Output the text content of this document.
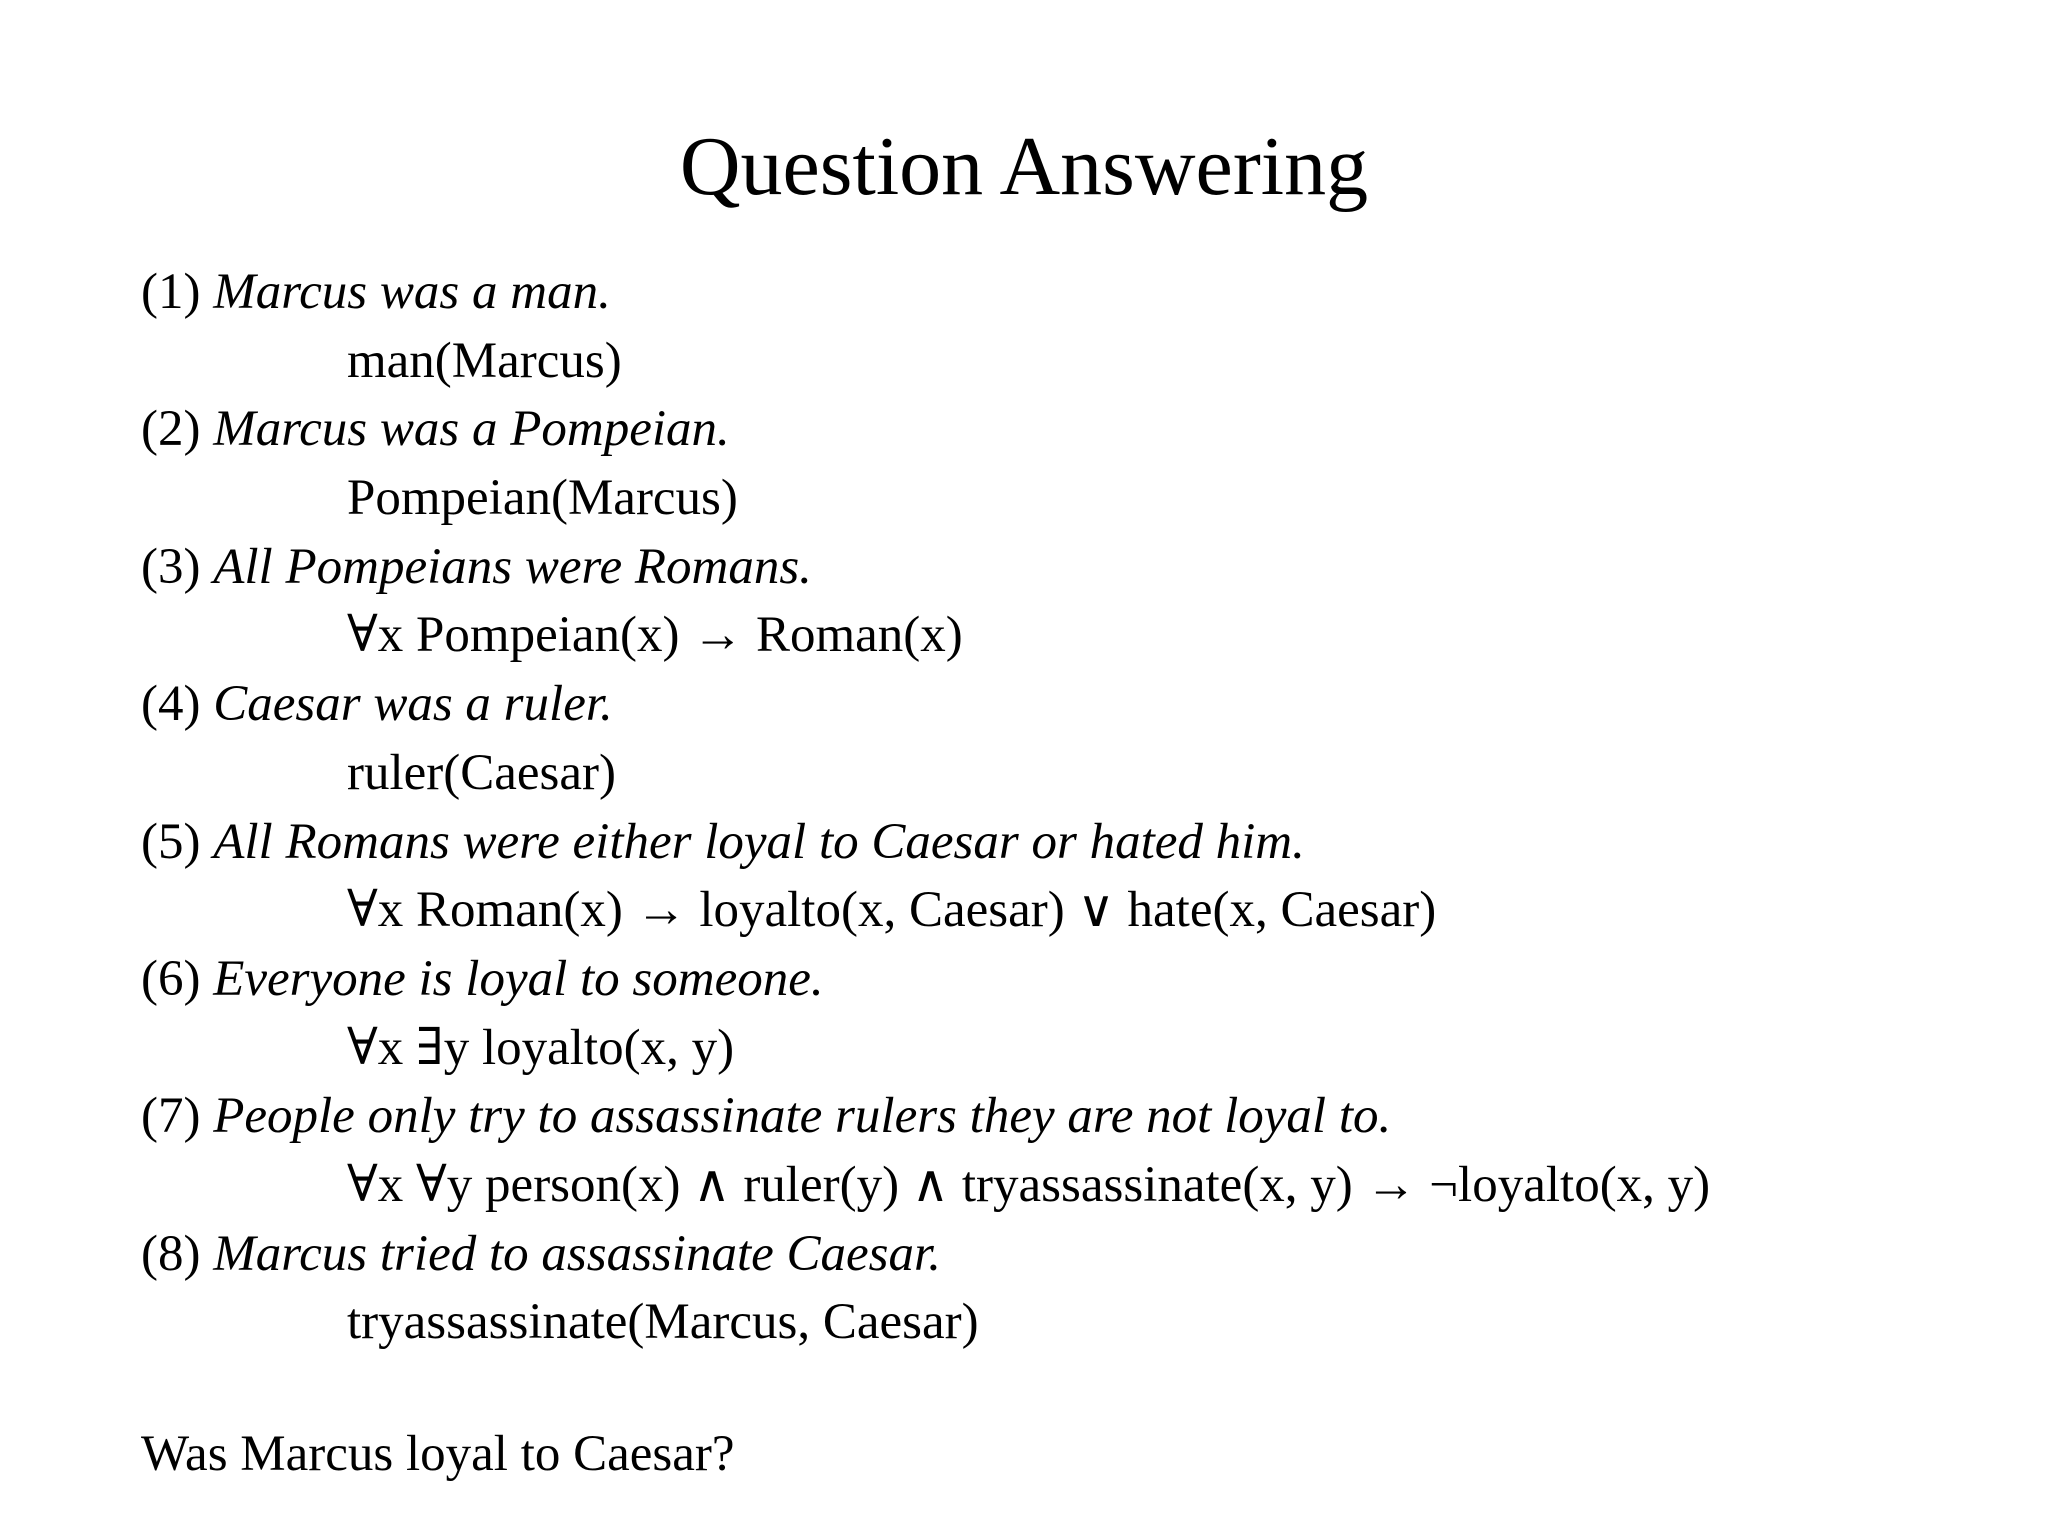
Question Answering
(1) Marcus was a man.
man(Marcus)
(2) Marcus was a Pompeian.
Pompeian(Marcus)
(3) All Pompeians were Romans.
∀x Pompeian(x) → Roman(x)
(4) Caesar was a ruler.
ruler(Caesar)
(5) All Romans were either loyal to Caesar or hated him.
∀x Roman(x) → loyalto(x, Caesar) ∨ hate(x, Caesar)
(6) Everyone is loyal to someone.
∀x ∃y loyalto(x, y)
(7) People only try to assassinate rulers they are not loyal to.
∀x ∀y person(x) ∧ ruler(y) ∧ tryassassinate(x, y) → ¬loyalto(x, y)
(8) Marcus tried to assassinate Caesar.
tryassassinate(Marcus, Caesar)
Was Marcus loyal to Caesar?
